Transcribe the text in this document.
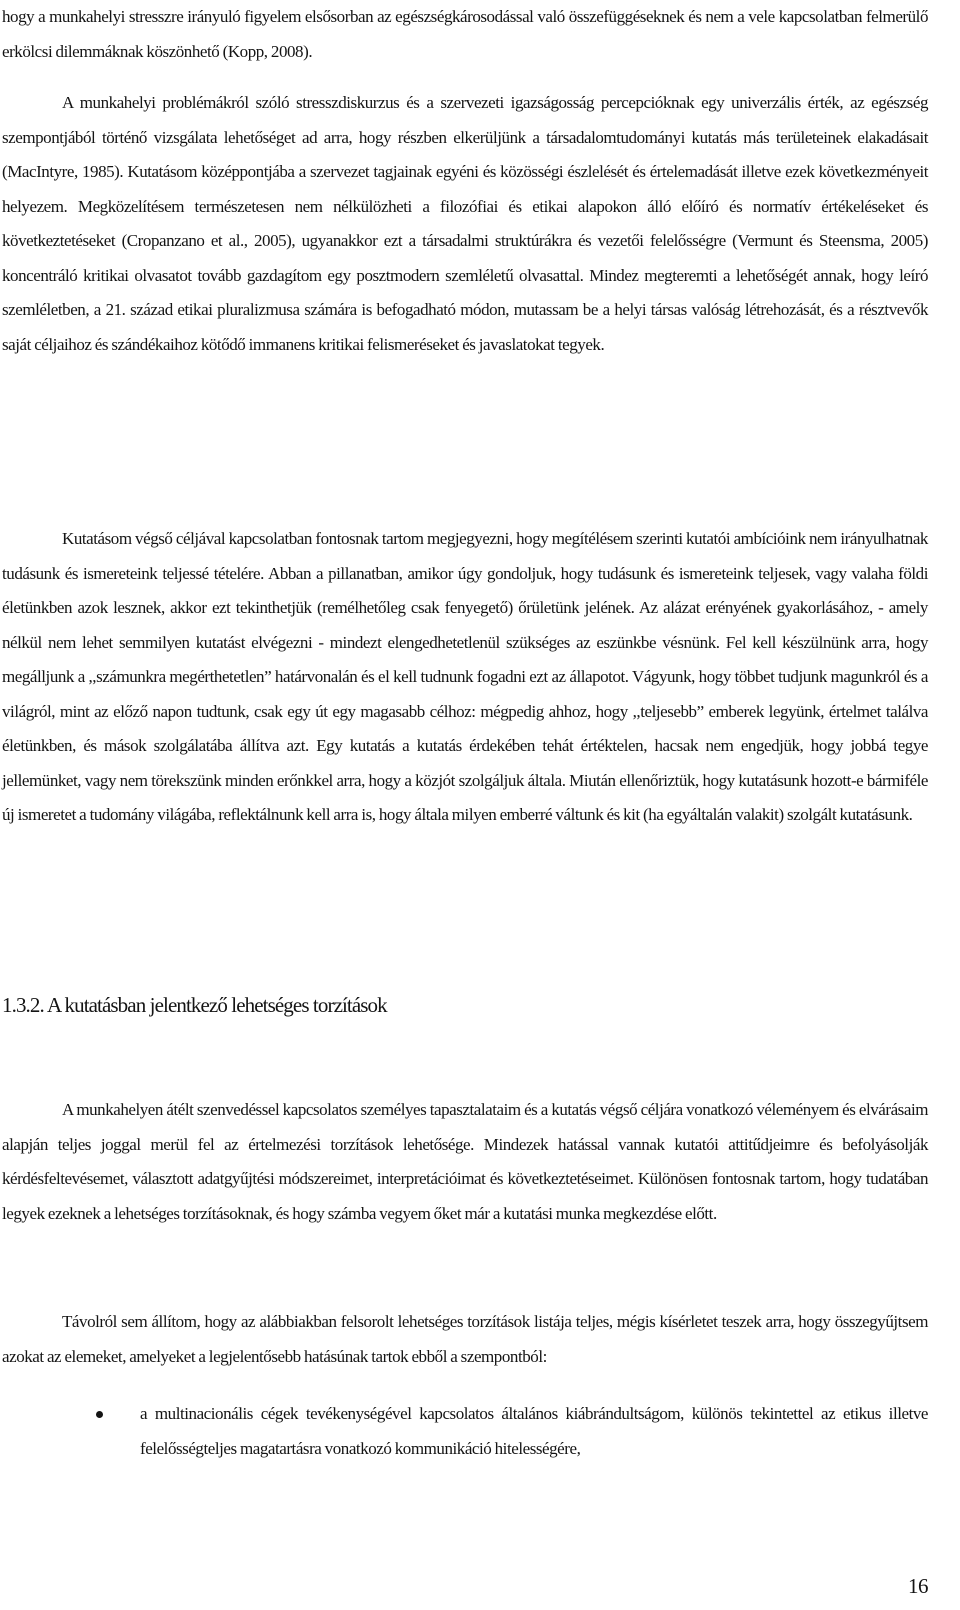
hogy a munkahelyi stresszre irányuló figyelem elsősorban az egészségkárosodással való összefüggéseknek és nem a vele kapcsolatban felmerülő erkölcsi dilemmáknak köszönhető (Kopp, 2008).

A munkahelyi problémákról szóló stresszdiskurzus és a szervezeti igazságosság percepcióknak egy univerzális érték, az egészség szempontjából történő vizsgálata lehetőséget ad arra, hogy részben elkerüljünk a társadalomtudományi kutatás más területeinek elakadásait (MacIntyre, 1985). Kutatásom középpontjába a szervezet tagjainak egyéni és közösségi észlelését és értelemadását illetve ezek következményeit helyezem. Megközelítésem természetesen nem nélkülözheti a filozófiai és etikai alapokon álló előíró és normatív értékeléseket és következtetéseket (Cropanzano et al., 2005), ugyanakkor ezt a társadalmi struktúrákra és vezetői felelősségre (Vermunt és Steensma, 2005) koncentráló kritikai olvasatot tovább gazdagítom egy posztmodern szemléletű olvasattal. Mindez megteremti a lehetőségét annak, hogy leíró szemléletben, a 21. század etikai pluralizmusa számára is befogadható módon, mutassam be a helyi társas valóság létrehozását, és a résztvevők saját céljaihoz és szándékaihoz kötődő immanens kritikai felismeréseket és javaslatokat tegyek.

Kutatásom végső céljával kapcsolatban fontosnak tartom megjegyezni, hogy megítélésem szerinti kutatói ambícióink nem irányulhatnak tudásunk és ismereteink teljessé tételére. Abban a pillanatban, amikor úgy gondoljuk, hogy tudásunk és ismereteink teljesek, vagy valaha földi életünkben azok lesznek, akkor ezt tekinthetjük (remélhetőleg csak fenyegető) őrületünk jelének. Az alázat erényének gyakorlásához, - amely nélkül nem lehet semmilyen kutatást elvégezni - mindezt elengedhetetlenül szükséges az eszünkbe vésnünk. Fel kell készülnünk arra, hogy megálljunk a ,,számunkra megérthetetlen” határvonalán és el kell tudnunk fogadni ezt az állapotot. Vágyunk, hogy többet tudjunk magunkról és a világról, mint az előző napon tudtunk, csak egy út egy magasabb célhoz: mégpedig ahhoz, hogy ,,teljesebb” emberek legyünk, értelmet találva életünkben, és mások szolgálatába állítva azt. Egy kutatás a kutatás érdekében tehát értéktelen, hacsak nem engedjük, hogy jobbá tegye jellemünket, vagy nem törekszünk minden erőnkkel arra, hogy a közjót szolgáljuk általa. Miután ellenőriztük, hogy kutatásunk hozott-e bármiféle új ismeretet a tudomány világába, reflektálnunk kell arra is, hogy általa milyen emberré váltunk és kit (ha egyáltalán valakit) szolgált kutatásunk.

1.3.2. A kutatásban jelentkező lehetséges torzítások

A munkahelyen átélt szenvedéssel kapcsolatos személyes tapasztalataim és a kutatás végső céljára vonatkozó véleményem és elvárásaim alapján teljes joggal merül fel az értelmezési torzítások lehetősége. Mindezek hatással vannak kutatói attitűdjeimre és befolyásolják kérdésfeltevésemet, választott adatgyűjtési módszereimet, interpretációimat és következtetéseimet. Különösen fontosnak tartom, hogy tudatában legyek ezeknek a lehetséges torzításoknak, és hogy számba vegyem őket már a kutatási munka megkezdése előtt.

Távolról sem állítom, hogy az alábbiakban felsorolt lehetséges torzítások listája teljes, mégis kísérletet teszek arra, hogy összegyűjtsem azokat az elemeket, amelyeket a legjelentősebb hatásúnak tartok ebből a szempontból:

a multinacionális cégek tevékenységével kapcsolatos általános kiábrándultságom, különös tekintettel az etikus illetve felelősségteljes magatartásra vonatkozó kommunikáció hitelességére,

16
